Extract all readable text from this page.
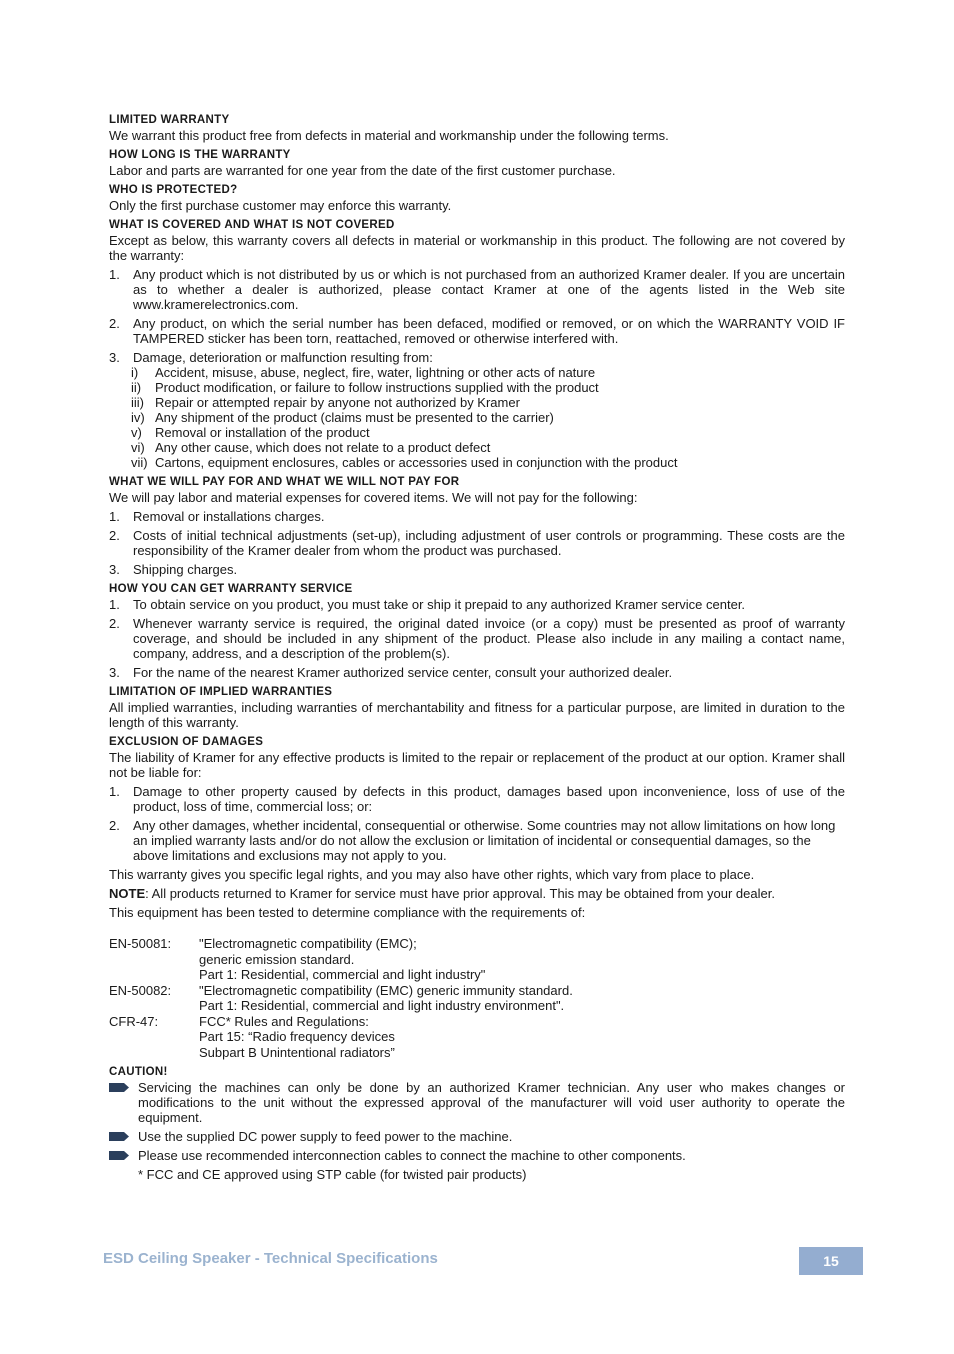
LIMITED WARRANTY

We warrant this product free from defects in material and workmanship under the following terms.

HOW LONG IS THE WARRANTY

Labor and parts are warranted for one year from the date of the first customer purchase.

WHO IS PROTECTED?

Only the first purchase customer may enforce this warranty.

WHAT IS COVERED AND WHAT IS NOT COVERED

Except as below, this warranty covers all defects in material or workmanship in this product. The following are not covered by the warranty:

1. Any product which is not distributed by us or which is not purchased from an authorized Kramer dealer. If you are uncertain as to whether a dealer is authorized, please contact Kramer at one of the agents listed in the Web site www.kramerelectronics.com.
2. Any product, on which the serial number has been defaced, modified or removed, or on which the WARRANTY VOID IF TAMPERED sticker has been torn, reattached, removed or otherwise interfered with.
3. Damage, deterioration or malfunction resulting from:
i)	Accident, misuse, abuse, neglect, fire, water, lightning or other acts of nature
ii)	Product modification, or failure to follow instructions supplied with the product
iii) Repair or attempted repair by anyone not authorized by Kramer
iv) Any shipment of the product (claims must be presented to the carrier)
v)	Removal or installation of the product
vi) Any other cause, which does not relate to a product defect
vii) Cartons, equipment enclosures, cables or accessories used in conjunction with the product

WHAT WE WILL PAY FOR AND WHAT WE WILL NOT PAY FOR

We will pay labor and material expenses for covered items. We will not pay for the following:

1. Removal or installations charges.
2. Costs of initial technical adjustments (set-up), including adjustment of user controls or programming. These costs are the responsibility of the Kramer dealer from whom the product was purchased.
3. Shipping charges.

HOW YOU CAN GET WARRANTY SERVICE

1. To obtain service on you product, you must take or ship it prepaid to any authorized Kramer service center.
2. Whenever warranty service is required, the original dated invoice (or a copy) must be presented as proof of warranty coverage, and should be included in any shipment of the product. Please also include in any mailing a contact name, company, address, and a description of the problem(s).
3. For the name of the nearest Kramer authorized service center, consult your authorized dealer.

LIMITATION OF IMPLIED WARRANTIES

All implied warranties, including warranties of merchantability and fitness for a particular purpose, are limited in duration to the length of this warranty.

EXCLUSION OF DAMAGES

The liability of Kramer for any effective products is limited to the repair or replacement of the product at our option. Kramer shall not be liable for:

1. Damage to other property caused by defects in this product, damages based upon inconvenience, loss of use of the product, loss of time, commercial loss; or:
2. Any other damages, whether incidental, consequential or otherwise. Some countries may not allow limitations on how long an implied warranty lasts and/or do not allow the exclusion or limitation of incidental or consequential damages, so the above limitations and exclusions may not apply to you.

This warranty gives you specific legal rights, and you may also have other rights, which vary from place to place.

NOTE: All products returned to Kramer for service must have prior approval. This may be obtained from your dealer.

This equipment has been tested to determine compliance with the requirements of:

EN-50081:	"Electromagnetic compatibility (EMC);
generic emission standard.
Part 1: Residential, commercial and light industry"
EN-50082:	"Electromagnetic compatibility (EMC) generic immunity standard.
Part 1: Residential, commercial and light industry environment".
CFR-47:	FCC* Rules and Regulations:
Part 15: “Radio frequency devices
Subpart B Unintentional radiators”

CAUTION!

Servicing the machines can only be done by an authorized Kramer technician. Any user who makes changes or modifications to the unit without the expressed approval of the manufacturer will void user authority to operate the equipment.
Use the supplied DC power supply to feed power to the machine.
Please use recommended interconnection cables to connect the machine to other components.

* FCC and CE approved using STP cable (for twisted pair products)

ESD Ceiling Speaker - Technical Specifications	15
